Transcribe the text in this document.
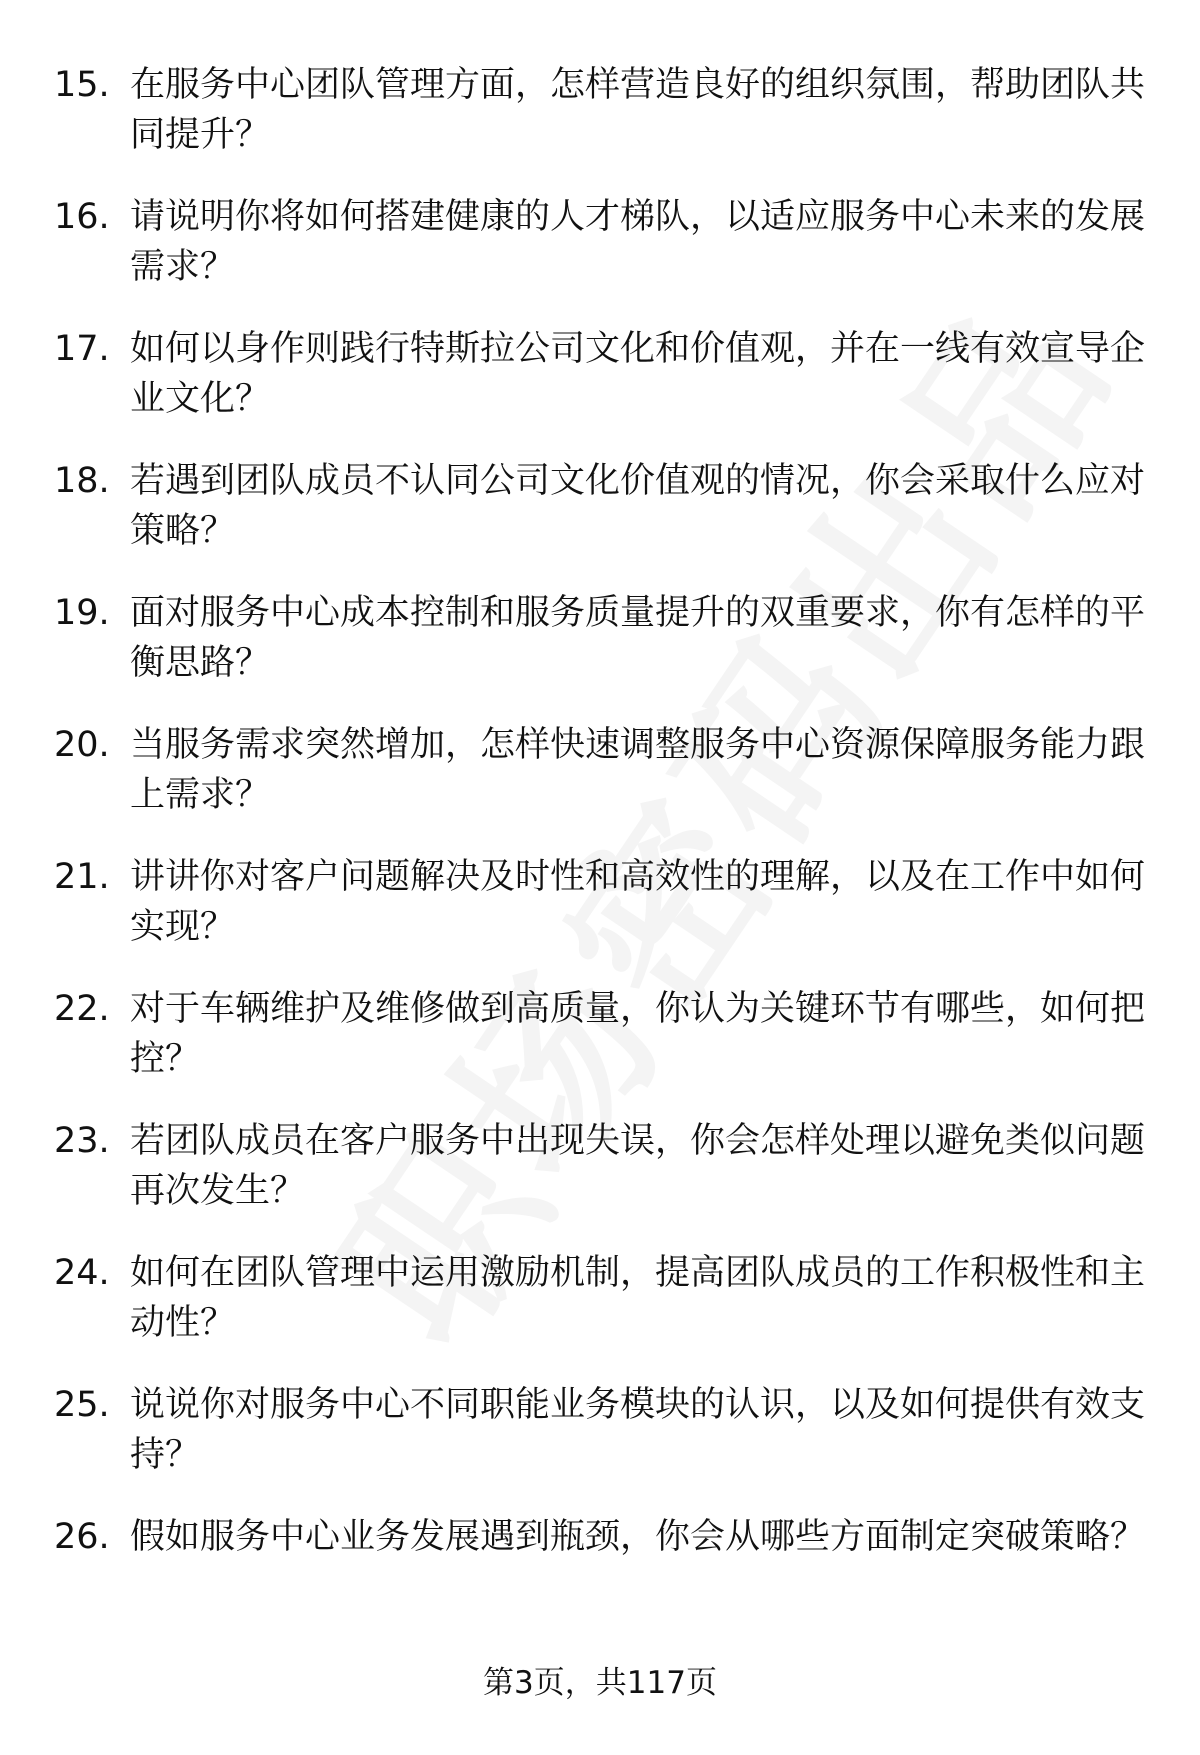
15. 在服务中心团队管理方面，怎样营造良好的组织氛围，帮助团队共同提升？

16. 请说明你将如何搭建健康的人才梯队，以适应服务中心未来的发展需求？

17. 如何以身作则践行特斯拉公司文化和价值观，并在一线有效宣导企业文化？

18. 若遇到团队成员不认同公司文化价值观的情况，你会采取什么应对策略？

19. 面对服务中心成本控制和服务质量提升的双重要求，你有怎样的平衡思路？

20. 当服务需求突然增加，怎样快速调整服务中心资源保障服务能力跟上需求？

21. 讲讲你对客户问题解决及时性和高效性的理解，以及在工作中如何实现？

22. 对于车辆维护及维修做到高质量，你认为关键环节有哪些，如何把控？

23. 若团队成员在客户服务中出现失误，你会怎样处理以避免类似问题再次发生？

24. 如何在团队管理中运用激励机制，提高团队成员的工作积极性和主动性？

25. 说说你对服务中心不同职能业务模块的认识，以及如何提供有效支持？

26. 假如服务中心业务发展遇到瓶颈，你会从哪些方面制定突破策略？

第3页，共117页
